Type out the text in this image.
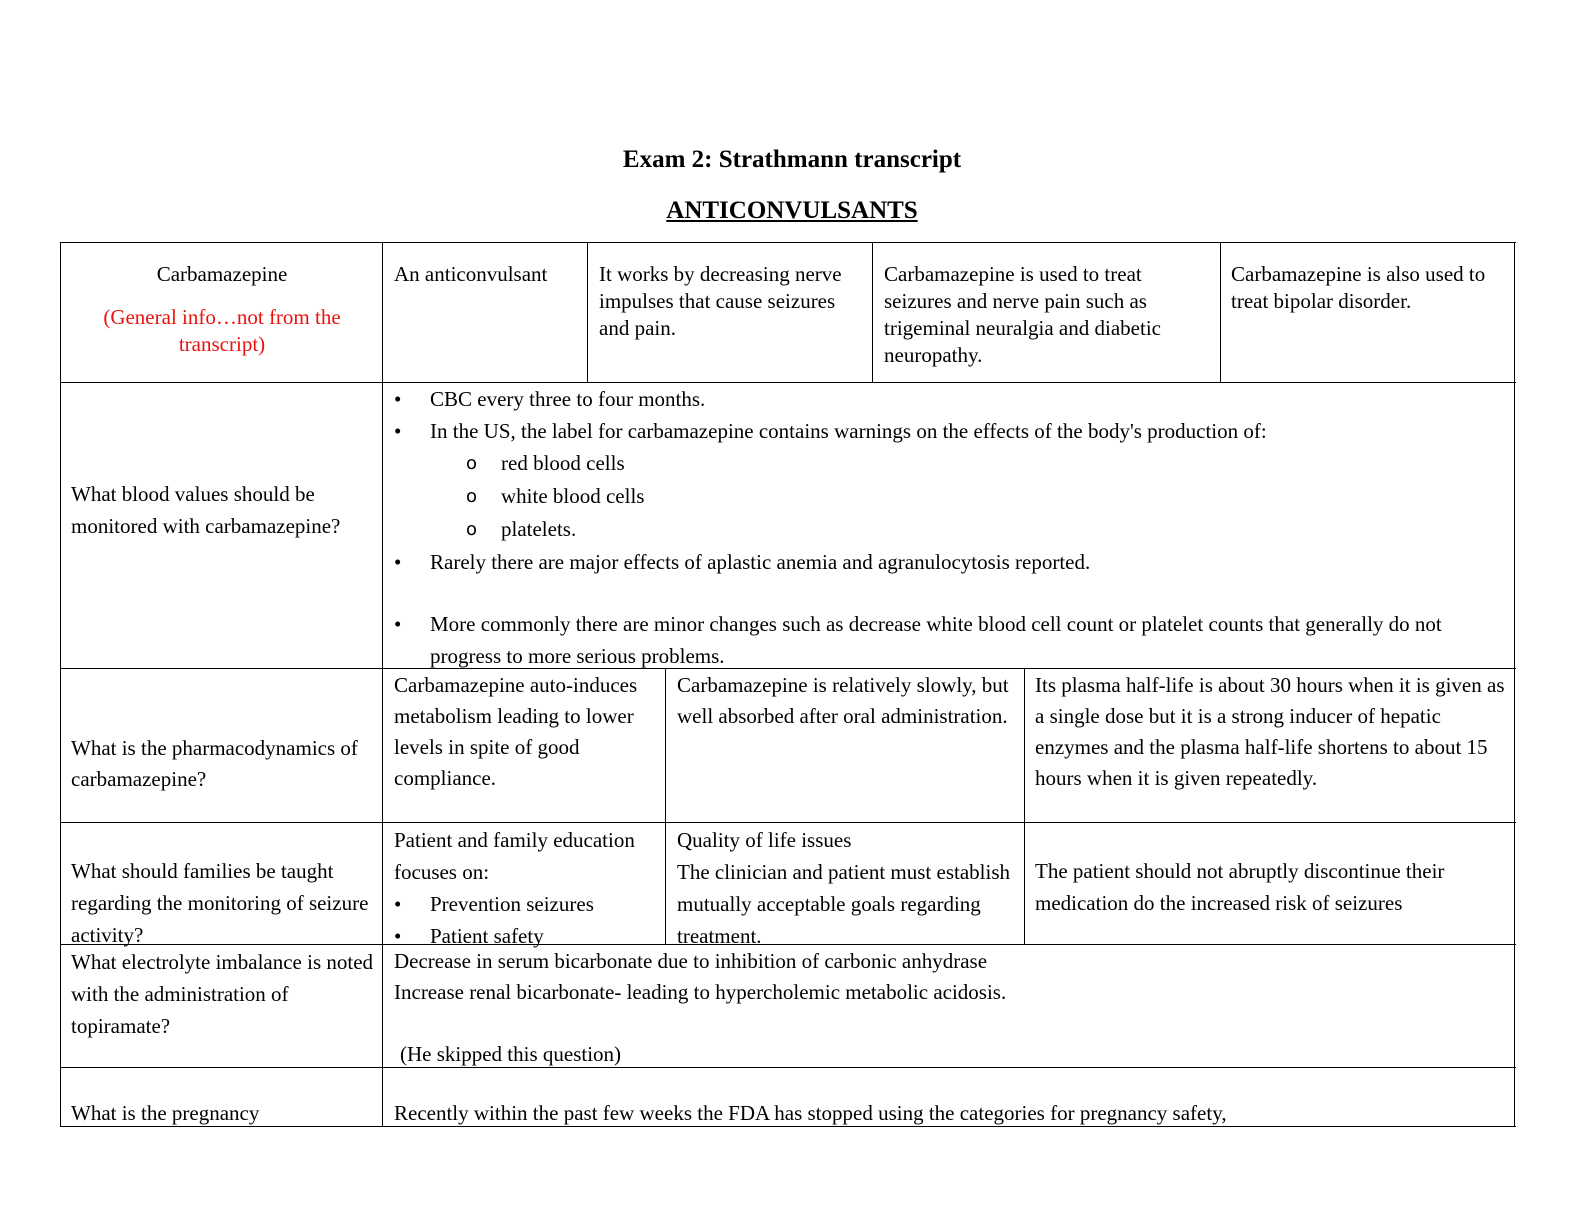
Exam 2: Strathmann transcript
ANTICONVULSANTS
Carbamazepine
(General info…not from the transcript)
An anticonvulsant	It works by decreasing nerve impulses that cause seizures and pain.
Carbamazepine is used to treat seizures and nerve pain such as trigeminal neuralgia and diabetic neuropathy.
Carbamazepine is also used to treat bipolar disorder.
What blood values should be monitored with carbamazepine?
• CBC every three to four months.
• In the US, the label for carbamazepine contains warnings on the effects of the body's production of:
o red blood cells
o white blood cells
o platelets.
• Rarely there are major effects of aplastic anemia and agranulocytosis reported.
• More commonly there are minor changes such as decrease white blood cell count or platelet counts that generally do not progress to more serious problems.
What is the pharmacodynamics of carbamazepine?
Carbamazepine auto-induces metabolism leading to lower levels in spite of good compliance.
Carbamazepine is relatively slowly, but well absorbed after oral administration.
Its plasma half-life is about 30 hours when it is given as a single dose but it is a strong inducer of hepatic enzymes and the plasma half-life shortens to about 15 hours when it is given repeatedly.
What should families be taught regarding the monitoring of seizure activity?
Patient and family education focuses on:
• Prevention seizures
• Patient safety
Quality of life issues
The clinician and patient must establish mutually acceptable goals regarding treatment.
The patient should not abruptly discontinue their medication do the increased risk of seizures
What electrolyte imbalance is noted with the administration of topiramate?
Decrease in serum bicarbonate due to inhibition of carbonic anhydrase
Increase renal bicarbonate- leading to hypercholemic metabolic acidosis.
(He skipped this question)
What is the pregnancy	Recently within the past few weeks the FDA has stopped using the categories for pregnancy safety,
